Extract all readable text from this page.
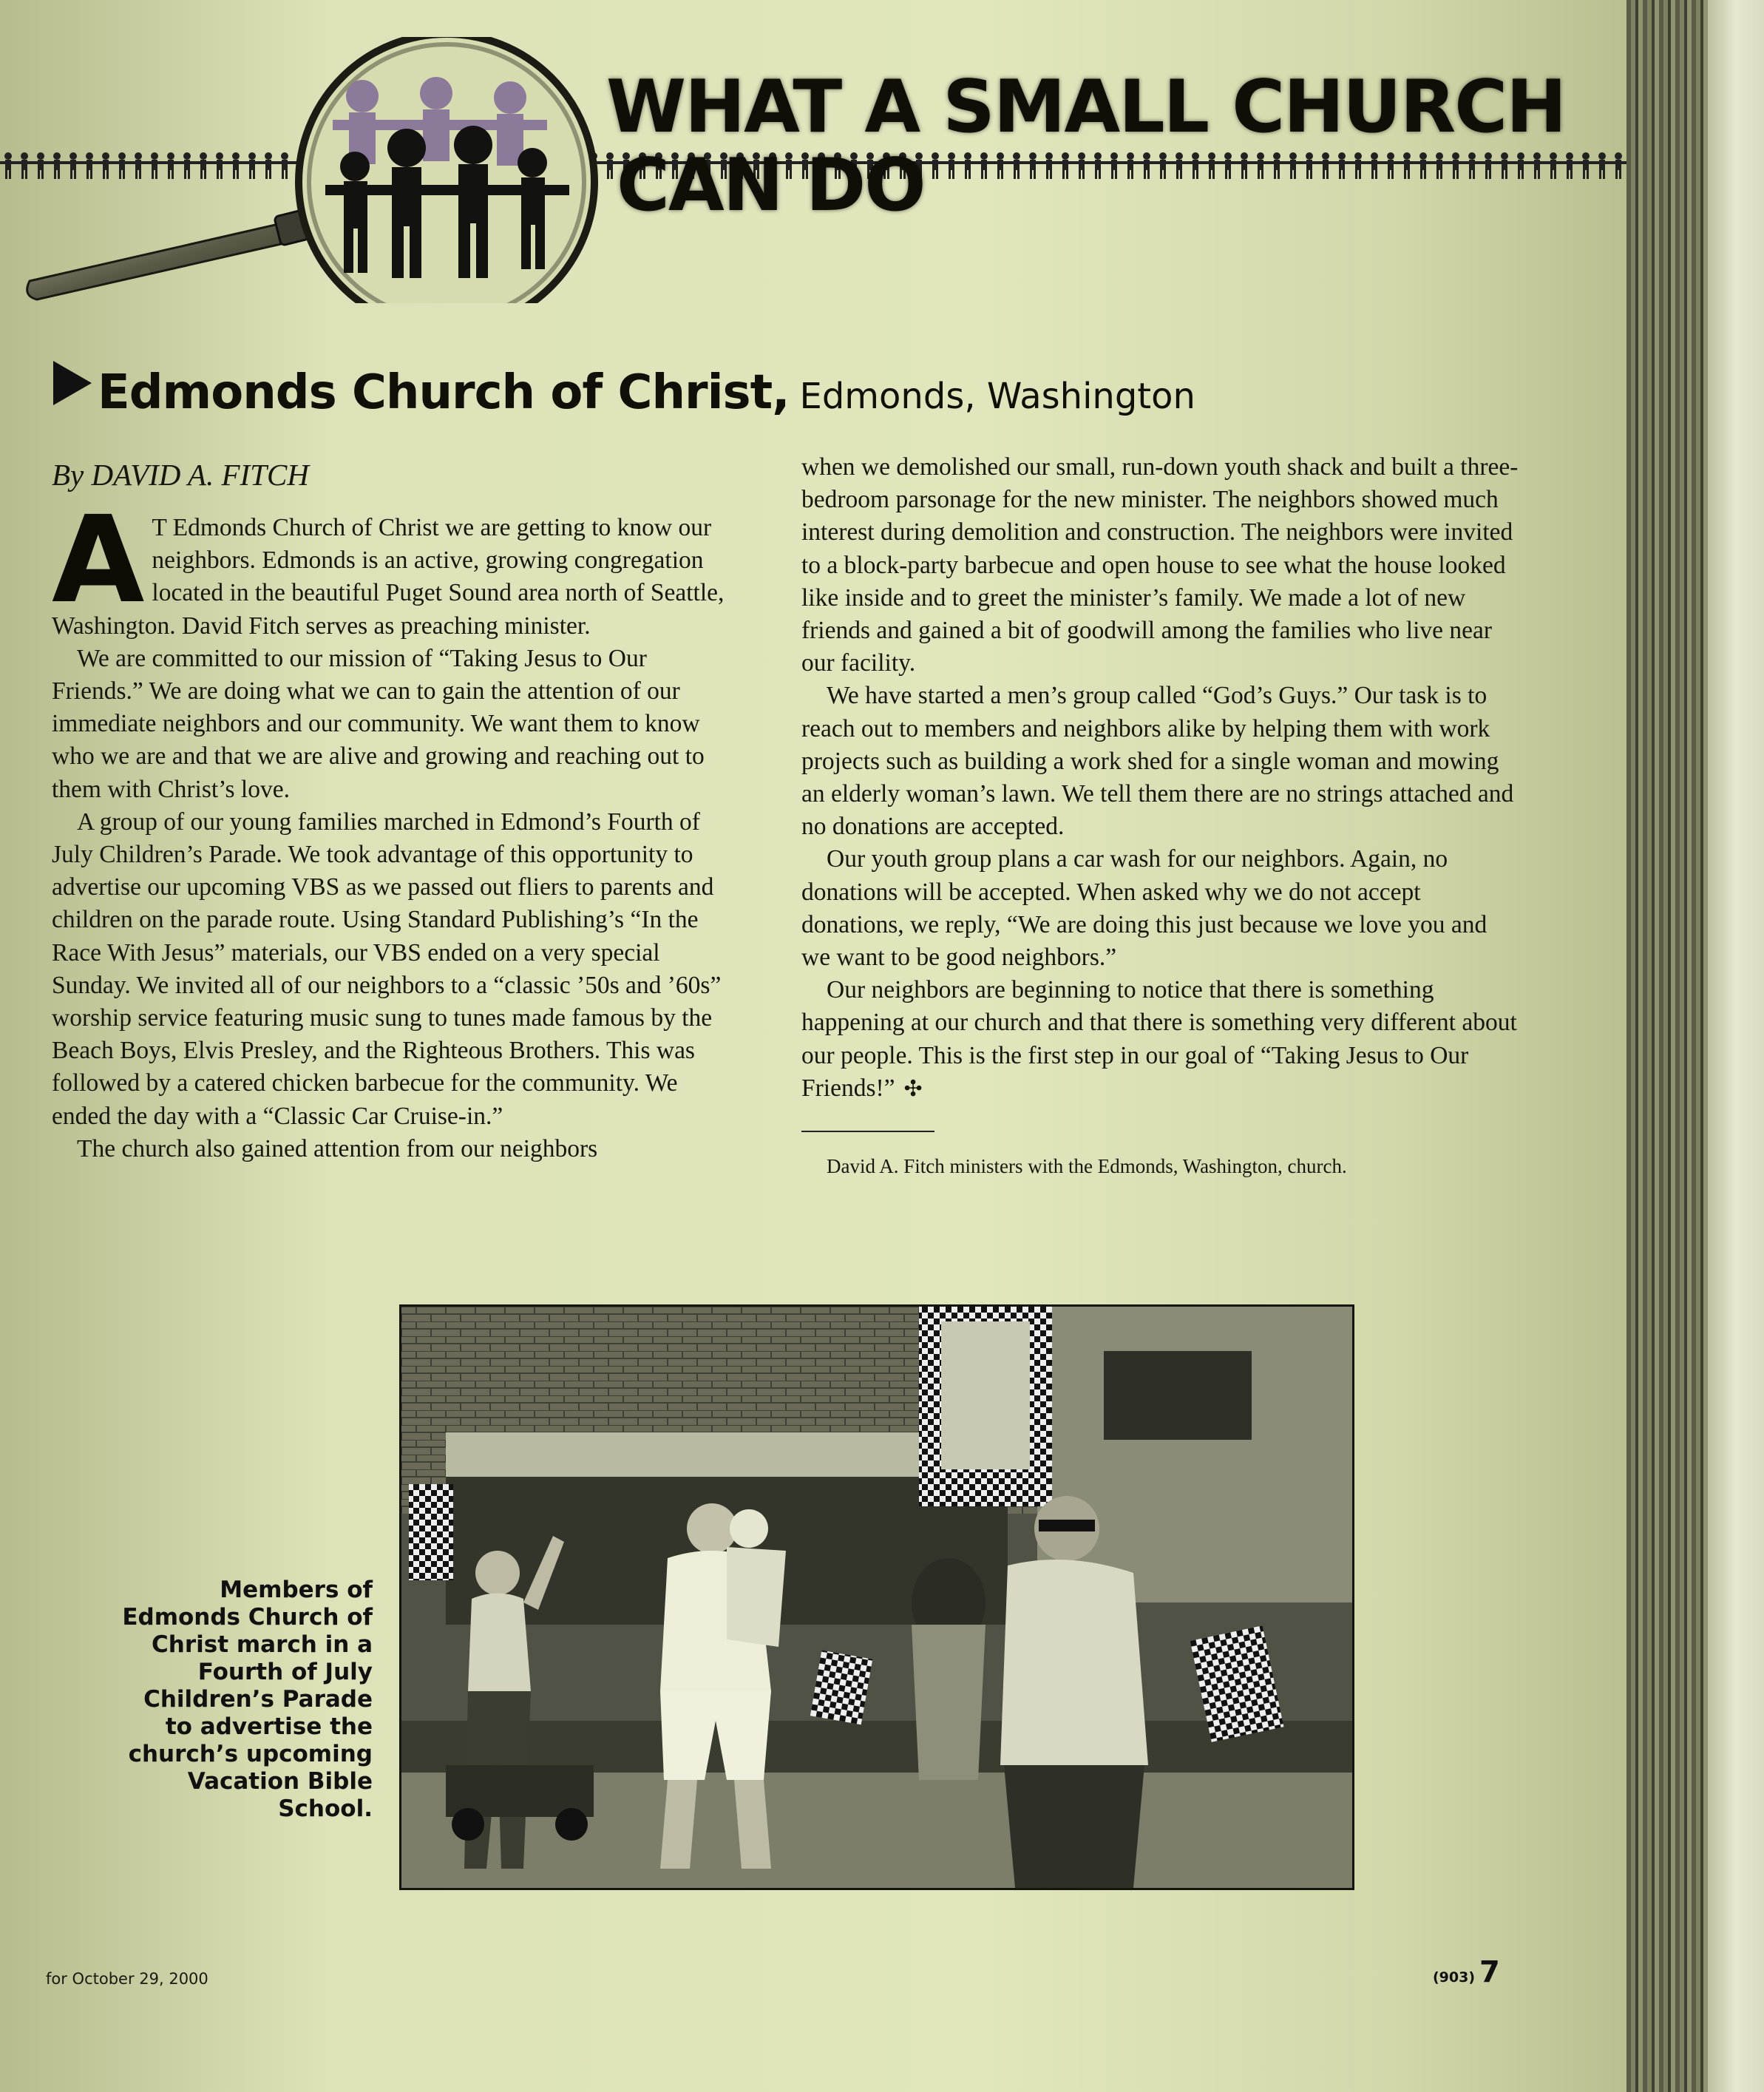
WHAT A SMALL CHURCH
CAN DO
Edmonds Church of Christ, Edmonds, Washington
By DAVID A. FITCH

A T Edmonds Church of Christ we are getting to know our neighbors. Edmonds is an active, growing congregation located in the beautiful Puget Sound area north of Seattle, Washington. David Fitch serves as preaching minister.

We are committed to our mission of “Taking Jesus to Our Friends.” We are doing what we can to gain the attention of our immediate neighbors and our community. We want them to know who we are and that we are alive and growing and reaching out to them with Christ’s love.

A group of our young families marched in Edmond’s Fourth of July Children’s Parade. We took advantage of this opportunity to advertise our upcoming VBS as we passed out fliers to parents and children on the parade route. Using Standard Publishing’s “In the Race With Jesus” materials, our VBS ended on a very special Sunday. We invited all of our neighbors to a “classic ’50s and ’60s” worship service featuring music sung to tunes made famous by the Beach Boys, Elvis Presley, and the Righteous Brothers. This was followed by a catered chicken barbecue for the community. We ended the day with a “Classic Car Cruise-in.”

The church also gained attention from our neighbors

when we demolished our small, run-down youth shack and built a three-bedroom parsonage for the new minister. The neighbors showed much interest during demolition and construction. The neighbors were invited to a block-party barbecue and open house to see what the house looked like inside and to greet the minister’s family. We made a lot of new friends and gained a bit of goodwill among the families who live near our facility.

We have started a men’s group called “God’s Guys.” Our task is to reach out to members and neighbors alike by helping them with work projects such as building a work shed for a single woman and mowing an elderly woman’s lawn. We tell them there are no strings attached and no donations are accepted.

Our youth group plans a car wash for our neighbors. Again, no donations will be accepted. When asked why we do not accept donations, we reply, “We are doing this just because we love you and we want to be good neighbors.”

Our neighbors are beginning to notice that there is something happening at our church and that there is something very different about our people. This is the first step in our goal of “Taking Jesus to Our Friends!” ✣

David A. Fitch ministers with the Edmonds, Washington, church.

Members of Edmonds Church of Christ march in a Fourth of July Children’s Parade to advertise the church’s upcoming Vacation Bible School.
for October 29, 2000	(903) 7
